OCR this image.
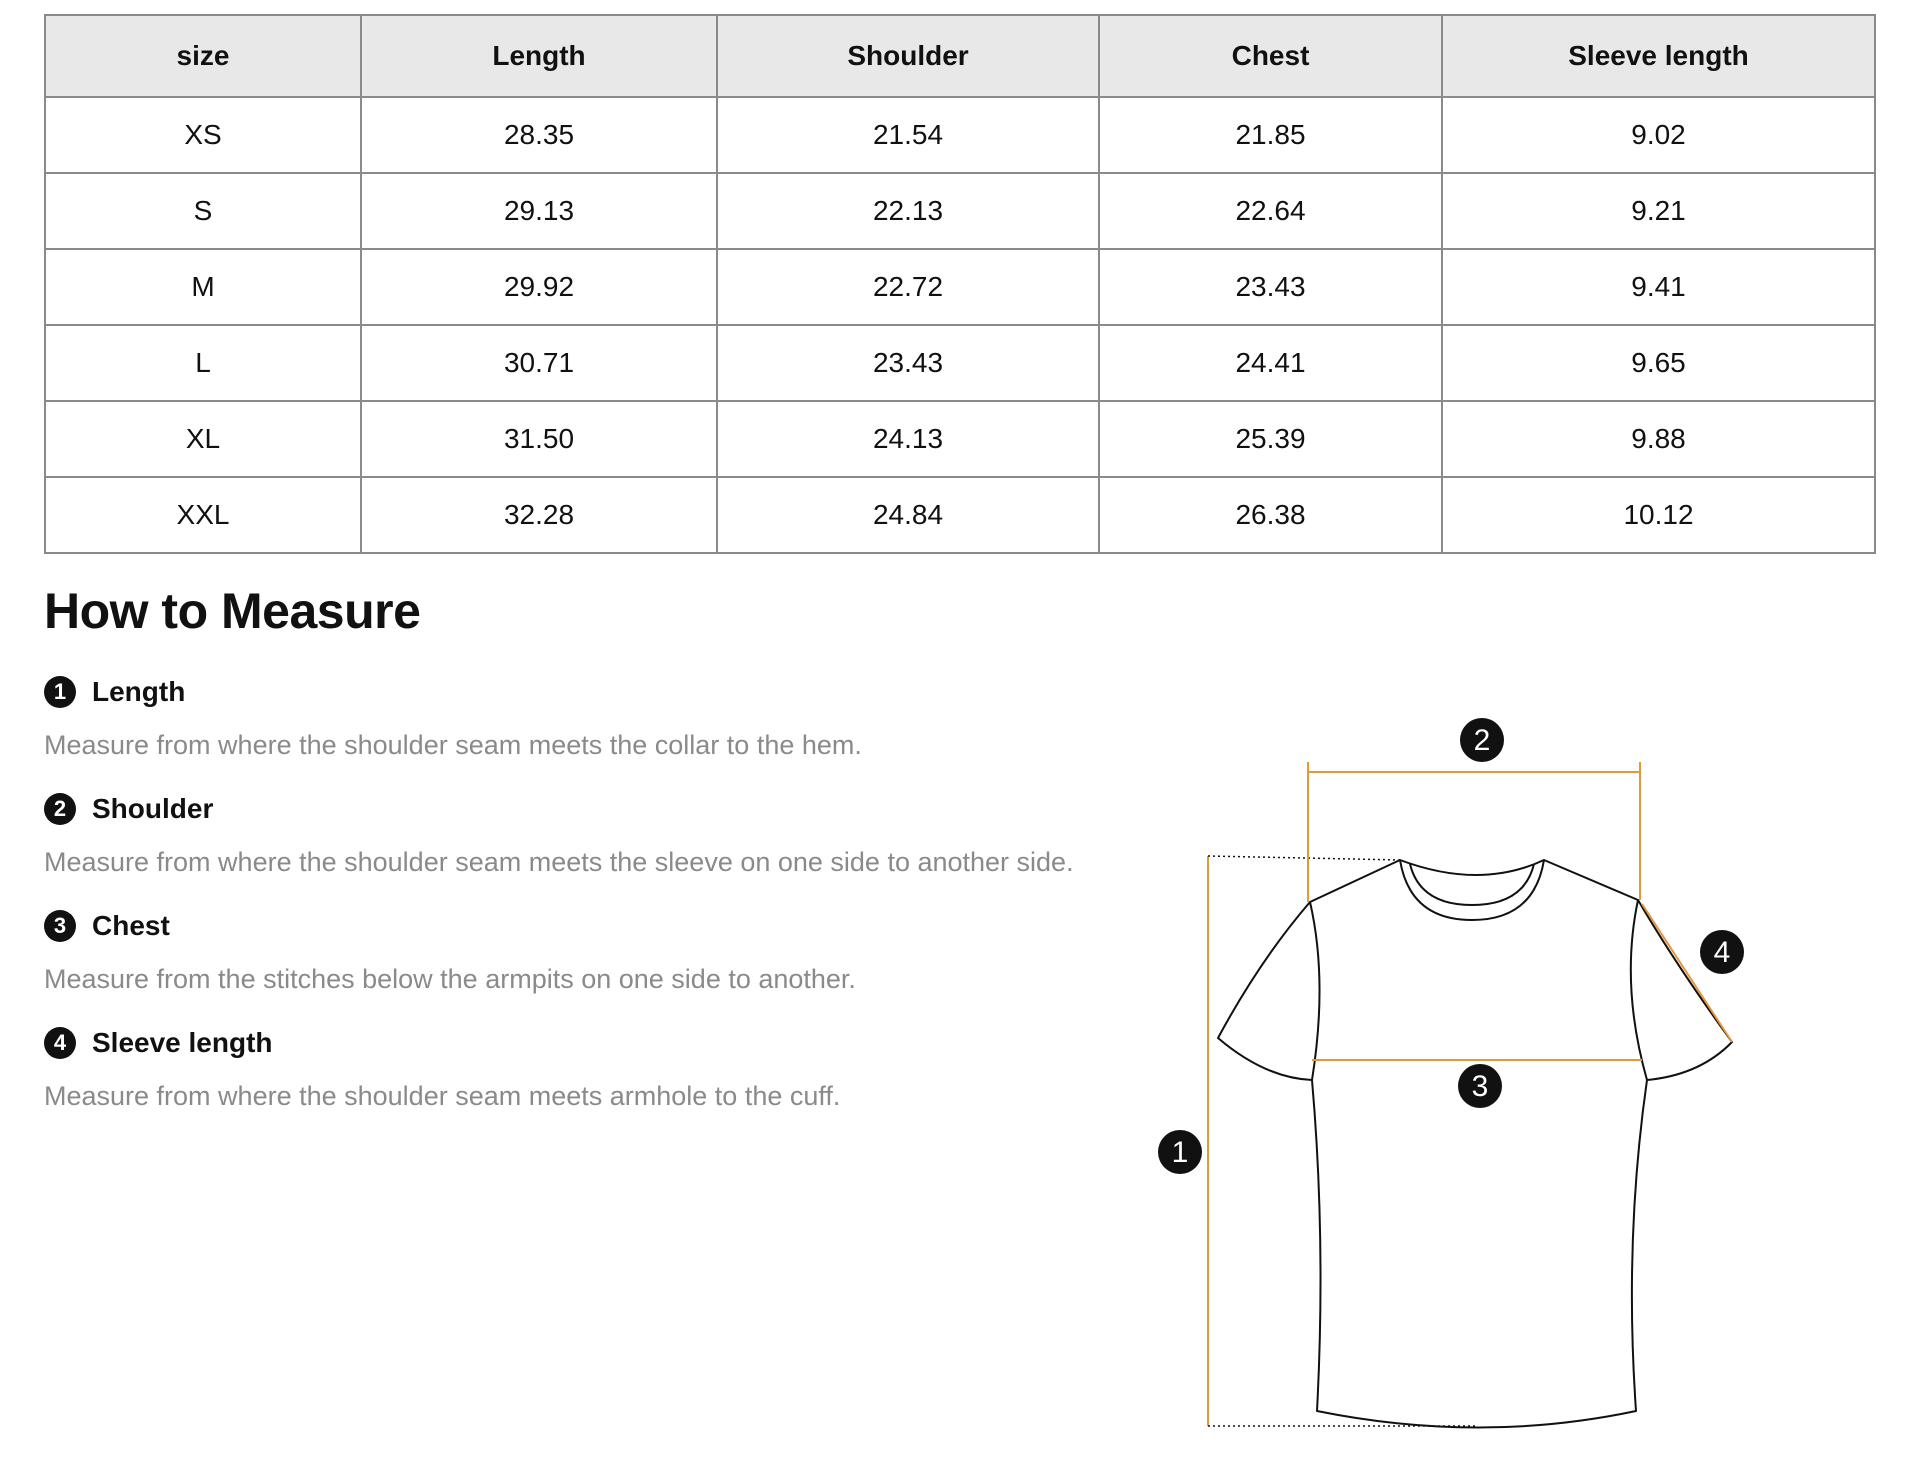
size	Length	Shoulder	Chest	Sleeve length
XS	28.35	21.54	21.85	9.02
S	29.13	22.13	22.64	9.21
M	29.92	22.72	23.43	9.41
L	30.71	23.43	24.41	9.65
XL	31.50	24.13	25.39	9.88
XXL	32.28	24.84	26.38	10.12
How to Measure
1 Length
Measure from where the shoulder seam meets the collar to the hem.
2 Shoulder
Measure from where the shoulder seam meets the sleeve on one side to another side.
3 Chest
Measure from the stitches below the armpits on one side to another.
4 Sleeve length
Measure from where the shoulder seam meets armhole to the cuff.
1
2
3
4
